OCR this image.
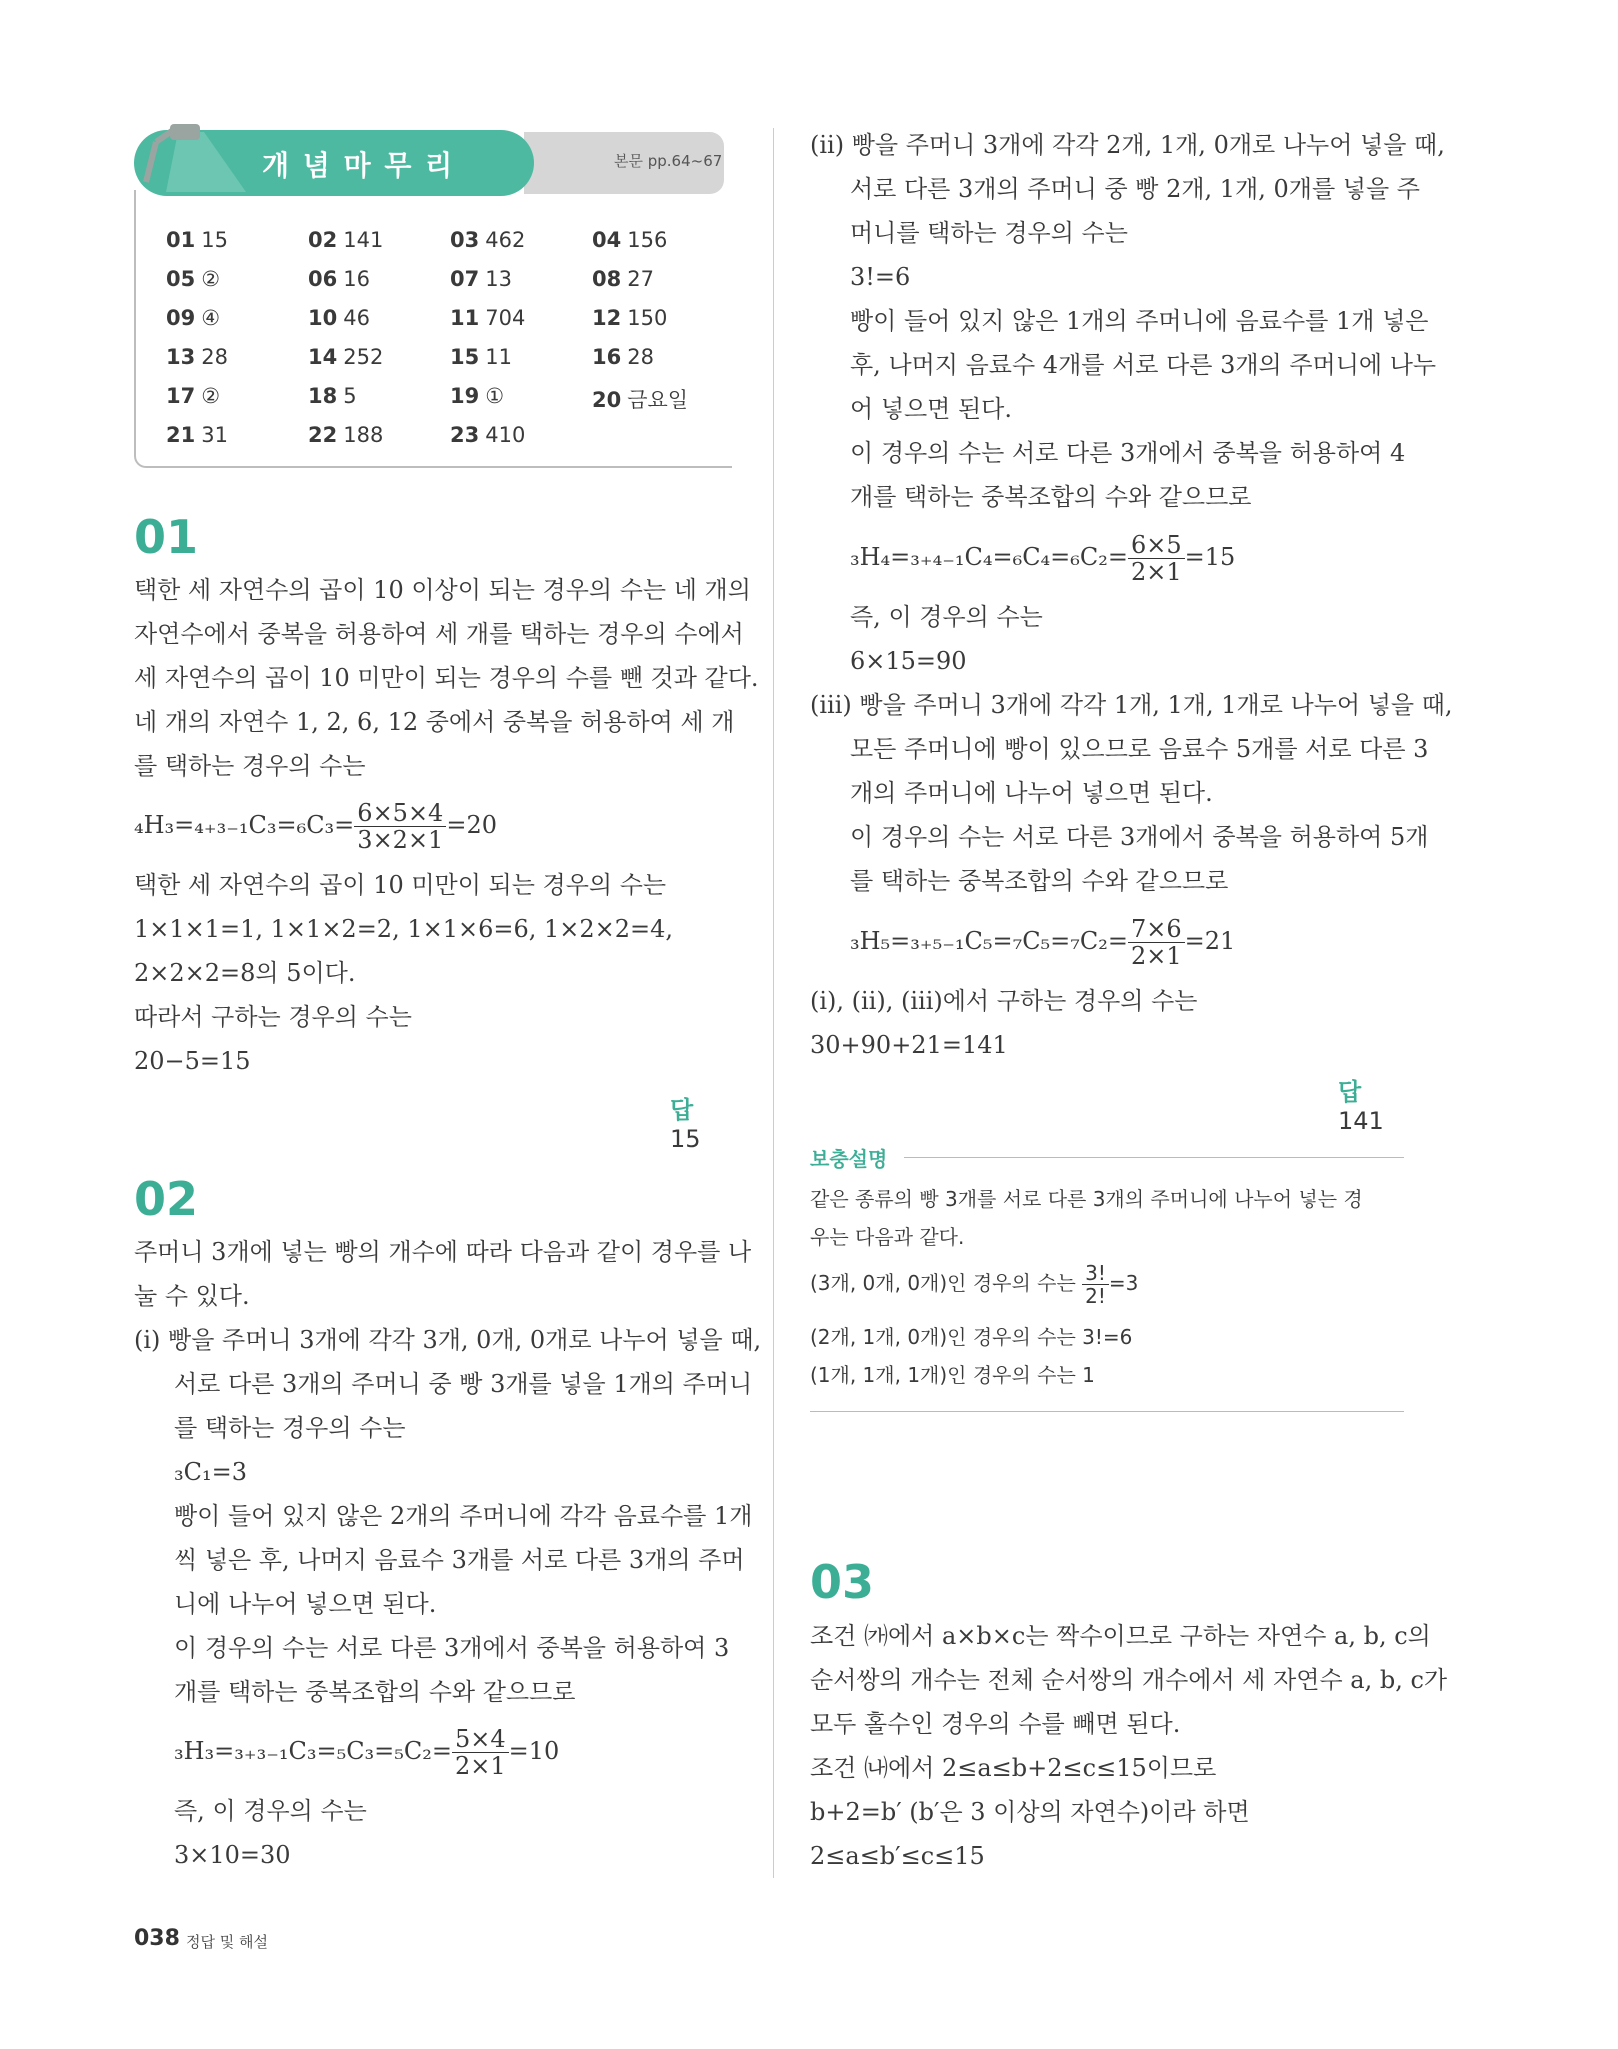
본문 pp.64~67
개 념 마 무 리
01 15	02 141	03 462	04 156
05 ②	06 16	07 13	08 27
09 ④	10 46	11 704	12 150
13 28	14 252	15 11	16 28
17 ②	18 5	19 ①	20 금요일
21 31	22 188	23 410
01
택한 세 자연수의 곱이 10 이상이 되는 경우의 수는 네 개의
자연수에서 중복을 허용하여 세 개를 택하는 경우의 수에서
세 자연수의 곱이 10 미만이 되는 경우의 수를 뺀 것과 같다.
네 개의 자연수 1, 2, 6, 12 중에서 중복을 허용하여 세 개
를 택하는 경우의 수는
$_4H_3=_{4+3-1}C_3=_6C_3= \frac{6\times 5\times 4}{3\times 2\times 1} =20$
택한 세 자연수의 곱이 10 미만이 되는 경우의 수는
1×1×1=1, 1×1×2=2, 1×1×6=6, 1×2×2=4,
2×2×2=8의 5이다.
따라서 구하는 경우의 수는
20−5=15
답15
02
주머니 3개에 넣는 빵의 개수에 따라 다음과 같이 경우를 나
눌 수 있다.
(ⅰ) 빵을 주머니 3개에 각각 3개, 0개, 0개로 나누어 넣을 때,
서로 다른 3개의 주머니 중 빵 3개를 넣을 1개의 주머니
를 택하는 경우의 수는
₃C₁=3
빵이 들어 있지 않은 2개의 주머니에 각각 음료수를 1개
씩 넣은 후, 나머지 음료수 3개를 서로 다른 3개의 주머
니에 나누어 넣으면 된다.
이 경우의 수는 서로 다른 3개에서 중복을 허용하여 3
개를 택하는 중복조합의 수와 같으므로
$_3H_3=_{3+3-1}C_3=_5C_3=_5C_2= \frac{5\times 4}{2\times 1} =10$
즉, 이 경우의 수는
3×10=30
(ⅱ) 빵을 주머니 3개에 각각 2개, 1개, 0개로 나누어 넣을 때,
서로 다른 3개의 주머니 중 빵 2개, 1개, 0개를 넣을 주
머니를 택하는 경우의 수는
3!=6
빵이 들어 있지 않은 1개의 주머니에 음료수를 1개 넣은
후, 나머지 음료수 4개를 서로 다른 3개의 주머니에 나누
어 넣으면 된다.
이 경우의 수는 서로 다른 3개에서 중복을 허용하여 4
개를 택하는 중복조합의 수와 같으므로
$_3H_4=_{3+4-1}C_4=_6C_4=_6C_2= \frac{6\times 5}{2\times 1} =15$
즉, 이 경우의 수는
6×15=90
(ⅲ) 빵을 주머니 3개에 각각 1개, 1개, 1개로 나누어 넣을 때,
모든 주머니에 빵이 있으므로 음료수 5개를 서로 다른 3
개의 주머니에 나누어 넣으면 된다.
이 경우의 수는 서로 다른 3개에서 중복을 허용하여 5개
를 택하는 중복조합의 수와 같으므로
$_3H_5=_{3+5-1}C_5=_7C_5=_7C_2= \frac{7\times 6}{2\times 1} =21$
(ⅰ), (ⅱ), (ⅲ)에서 구하는 경우의 수는
30+90+21=141
답141
보충설명
같은 종류의 빵 3개를 서로 다른 3개의 주머니에 나누어 넣는 경
우는 다음과 같다.
(3개, 0개, 0개)인 경우의 수는 $\frac{3!}{2!} =3$
(2개, 1개, 0개)인 경우의 수는 3!=6
(1개, 1개, 1개)인 경우의 수는 1
03
조건 ㈎에서 a×b×c는 짝수이므로 구하는 자연수 a, b, c의
순서쌍의 개수는 전체 순서쌍의 개수에서 세 자연수 a, b, c가
모두 홀수인 경우의 수를 빼면 된다.
조건 ㈏에서 2≤a≤b+2≤c≤15이므로
b+2=b′ (b′은 3 이상의 자연수)이라 하면
2≤a≤b′≤c≤15
038 정답 및 해설
